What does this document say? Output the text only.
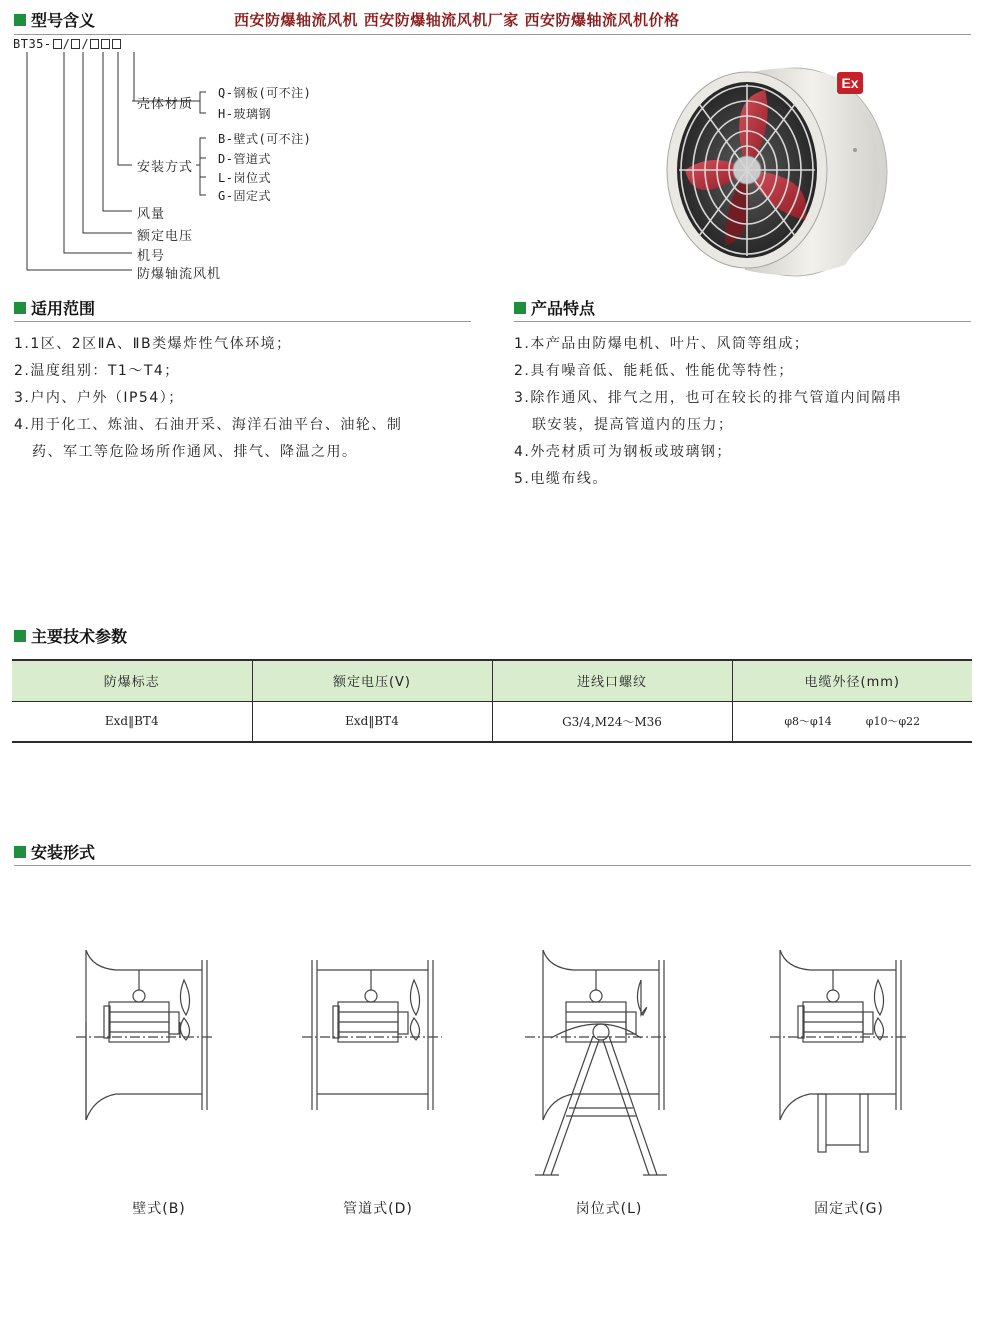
西安防爆轴流风机 西安防爆轴流风机厂家 西安防爆轴流风机价格
型号含义
BT35- / /
壳体材质
Q-钢板(可不注)
H-玻璃钢
安装方式
B-壁式(可不注)
D-管道式
L-岗位式
G-固定式
风量
额定电压
机号
防爆轴流风机
Ex
适用范围
1.1区、2区ⅡA、ⅡB类爆炸性气体环境；
2.温度组别：T1～T4；
3.户内、户外（IP54）；
4.用于化工、炼油、石油开采、海洋石油平台、油轮、制
药、军工等危险场所作通风、排气、降温之用。
产品特点
1.本产品由防爆电机、叶片、风筒等组成；
2.具有噪音低、能耗低、性能优等特性；
3.除作通风、排气之用，也可在较长的排气管道内间隔串
联安装，提高管道内的压力；
4.外壳材质可为钢板或玻璃钢；
5.电缆布线。
主要技术参数
防爆标志	额定电压(V)	进线口螺纹	电缆外径(mm)
Exd‖BT4	Exd‖BT4	G3/4,M24～M36	φ8～φ14 φ10～φ22
安装形式
壁式(B)	管道式(D)	岗位式(L)	固定式(G)
